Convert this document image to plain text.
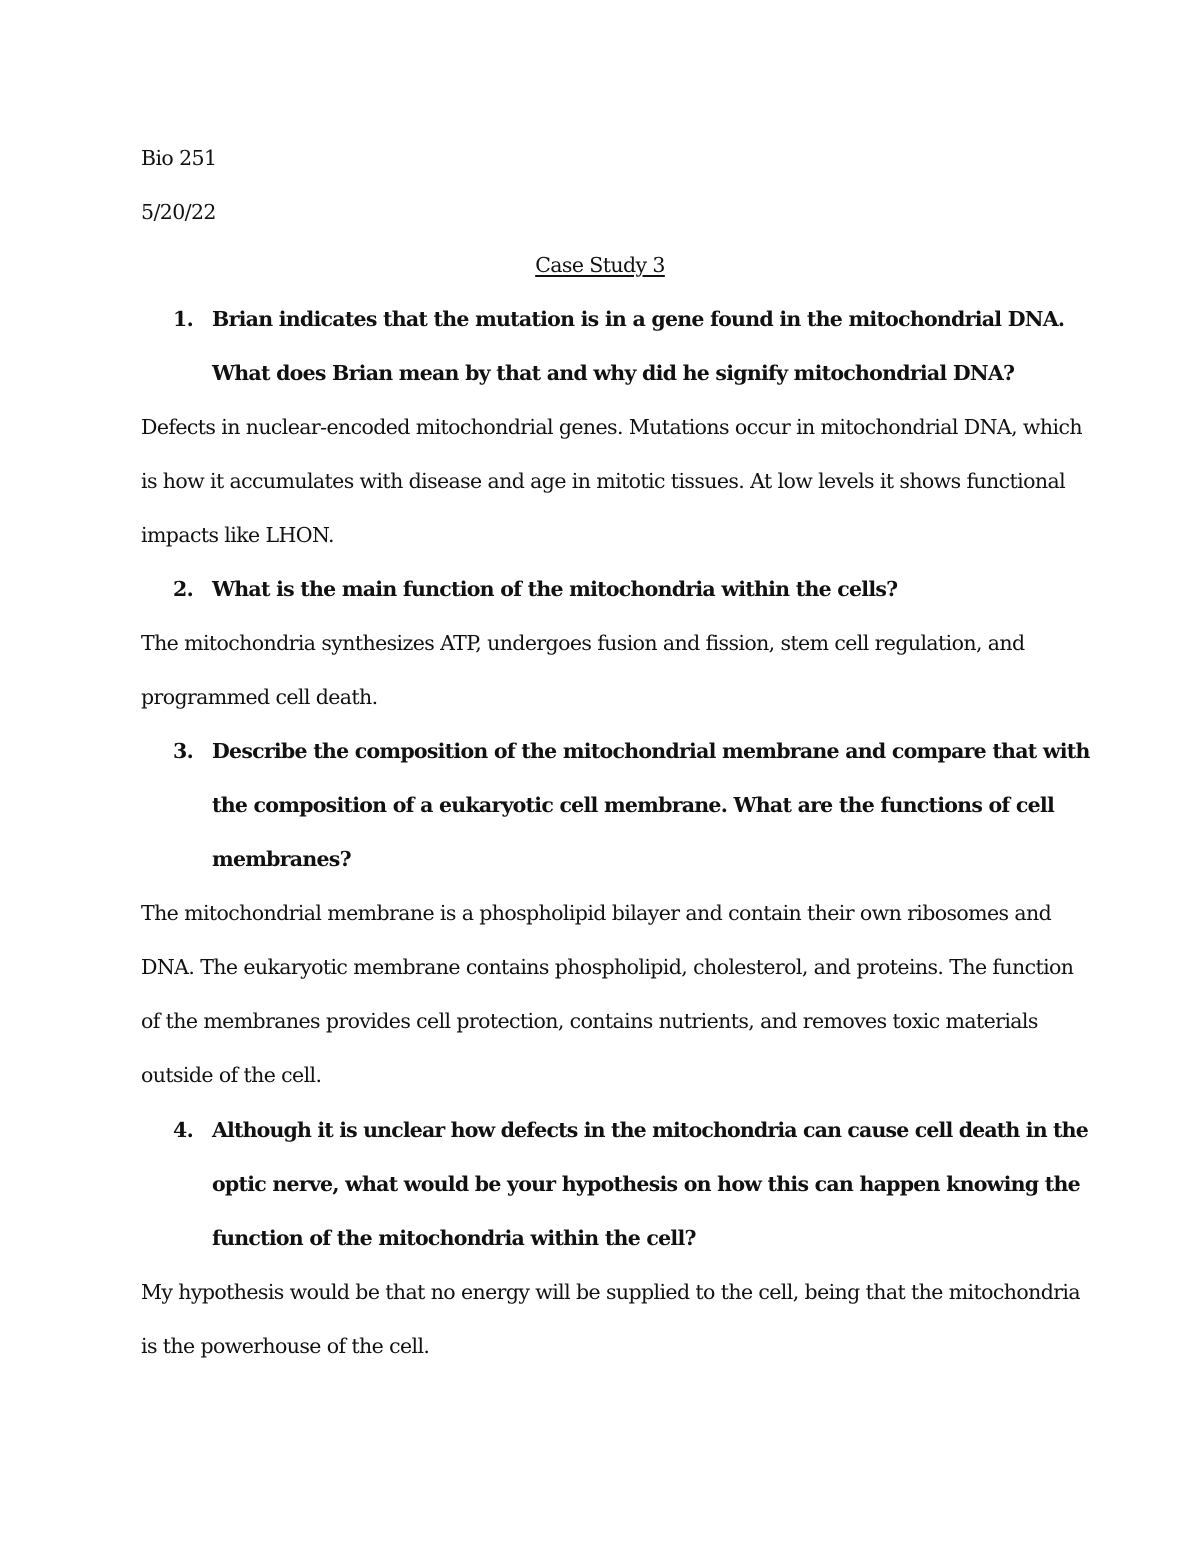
Bio 251
5/20/22
Case Study 3
1. Brian indicates that the mutation is in a gene found in the mitochondrial DNA.
What does Brian mean by that and why did he signify mitochondrial DNA?
Defects in nuclear-encoded mitochondrial genes. Mutations occur in mitochondrial DNA, which
is how it accumulates with disease and age in mitotic tissues. At low levels it shows functional
impacts like LHON.
2. What is the main function of the mitochondria within the cells?
The mitochondria synthesizes ATP, undergoes fusion and fission, stem cell regulation, and
programmed cell death.
3. Describe the composition of the mitochondrial membrane and compare that with
the composition of a eukaryotic cell membrane. What are the functions of cell
membranes?
The mitochondrial membrane is a phospholipid bilayer and contain their own ribosomes and
DNA. The eukaryotic membrane contains phospholipid, cholesterol, and proteins. The function
of the membranes provides cell protection, contains nutrients, and removes toxic materials
outside of the cell.
4. Although it is unclear how defects in the mitochondria can cause cell death in the
optic nerve, what would be your hypothesis on how this can happen knowing the
function of the mitochondria within the cell?
My hypothesis would be that no energy will be supplied to the cell, being that the mitochondria
is the powerhouse of the cell.
